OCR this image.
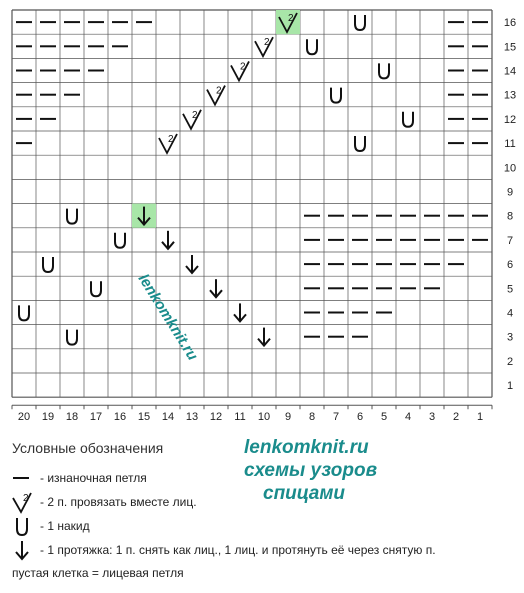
2
2
2
2
2
2
1
2
3
4
5
6
7
8
9
10
11
12
13
14
15
16
20 19 18 17 16 15 14 13 12 11 10 9 8 7 6 5 4 3 2 1
lenkomknit.ru
Условные обозначения	lenkomknit.ru
схемы узоров
спицами
- изнаночная петля
2 - 2 п. провязать вместе лиц.
- 1 накид
- 1 протяжка: 1 п. снять как лиц., 1 лиц. и протянуть её через снятую п.
пустая клетка = лицевая петля
